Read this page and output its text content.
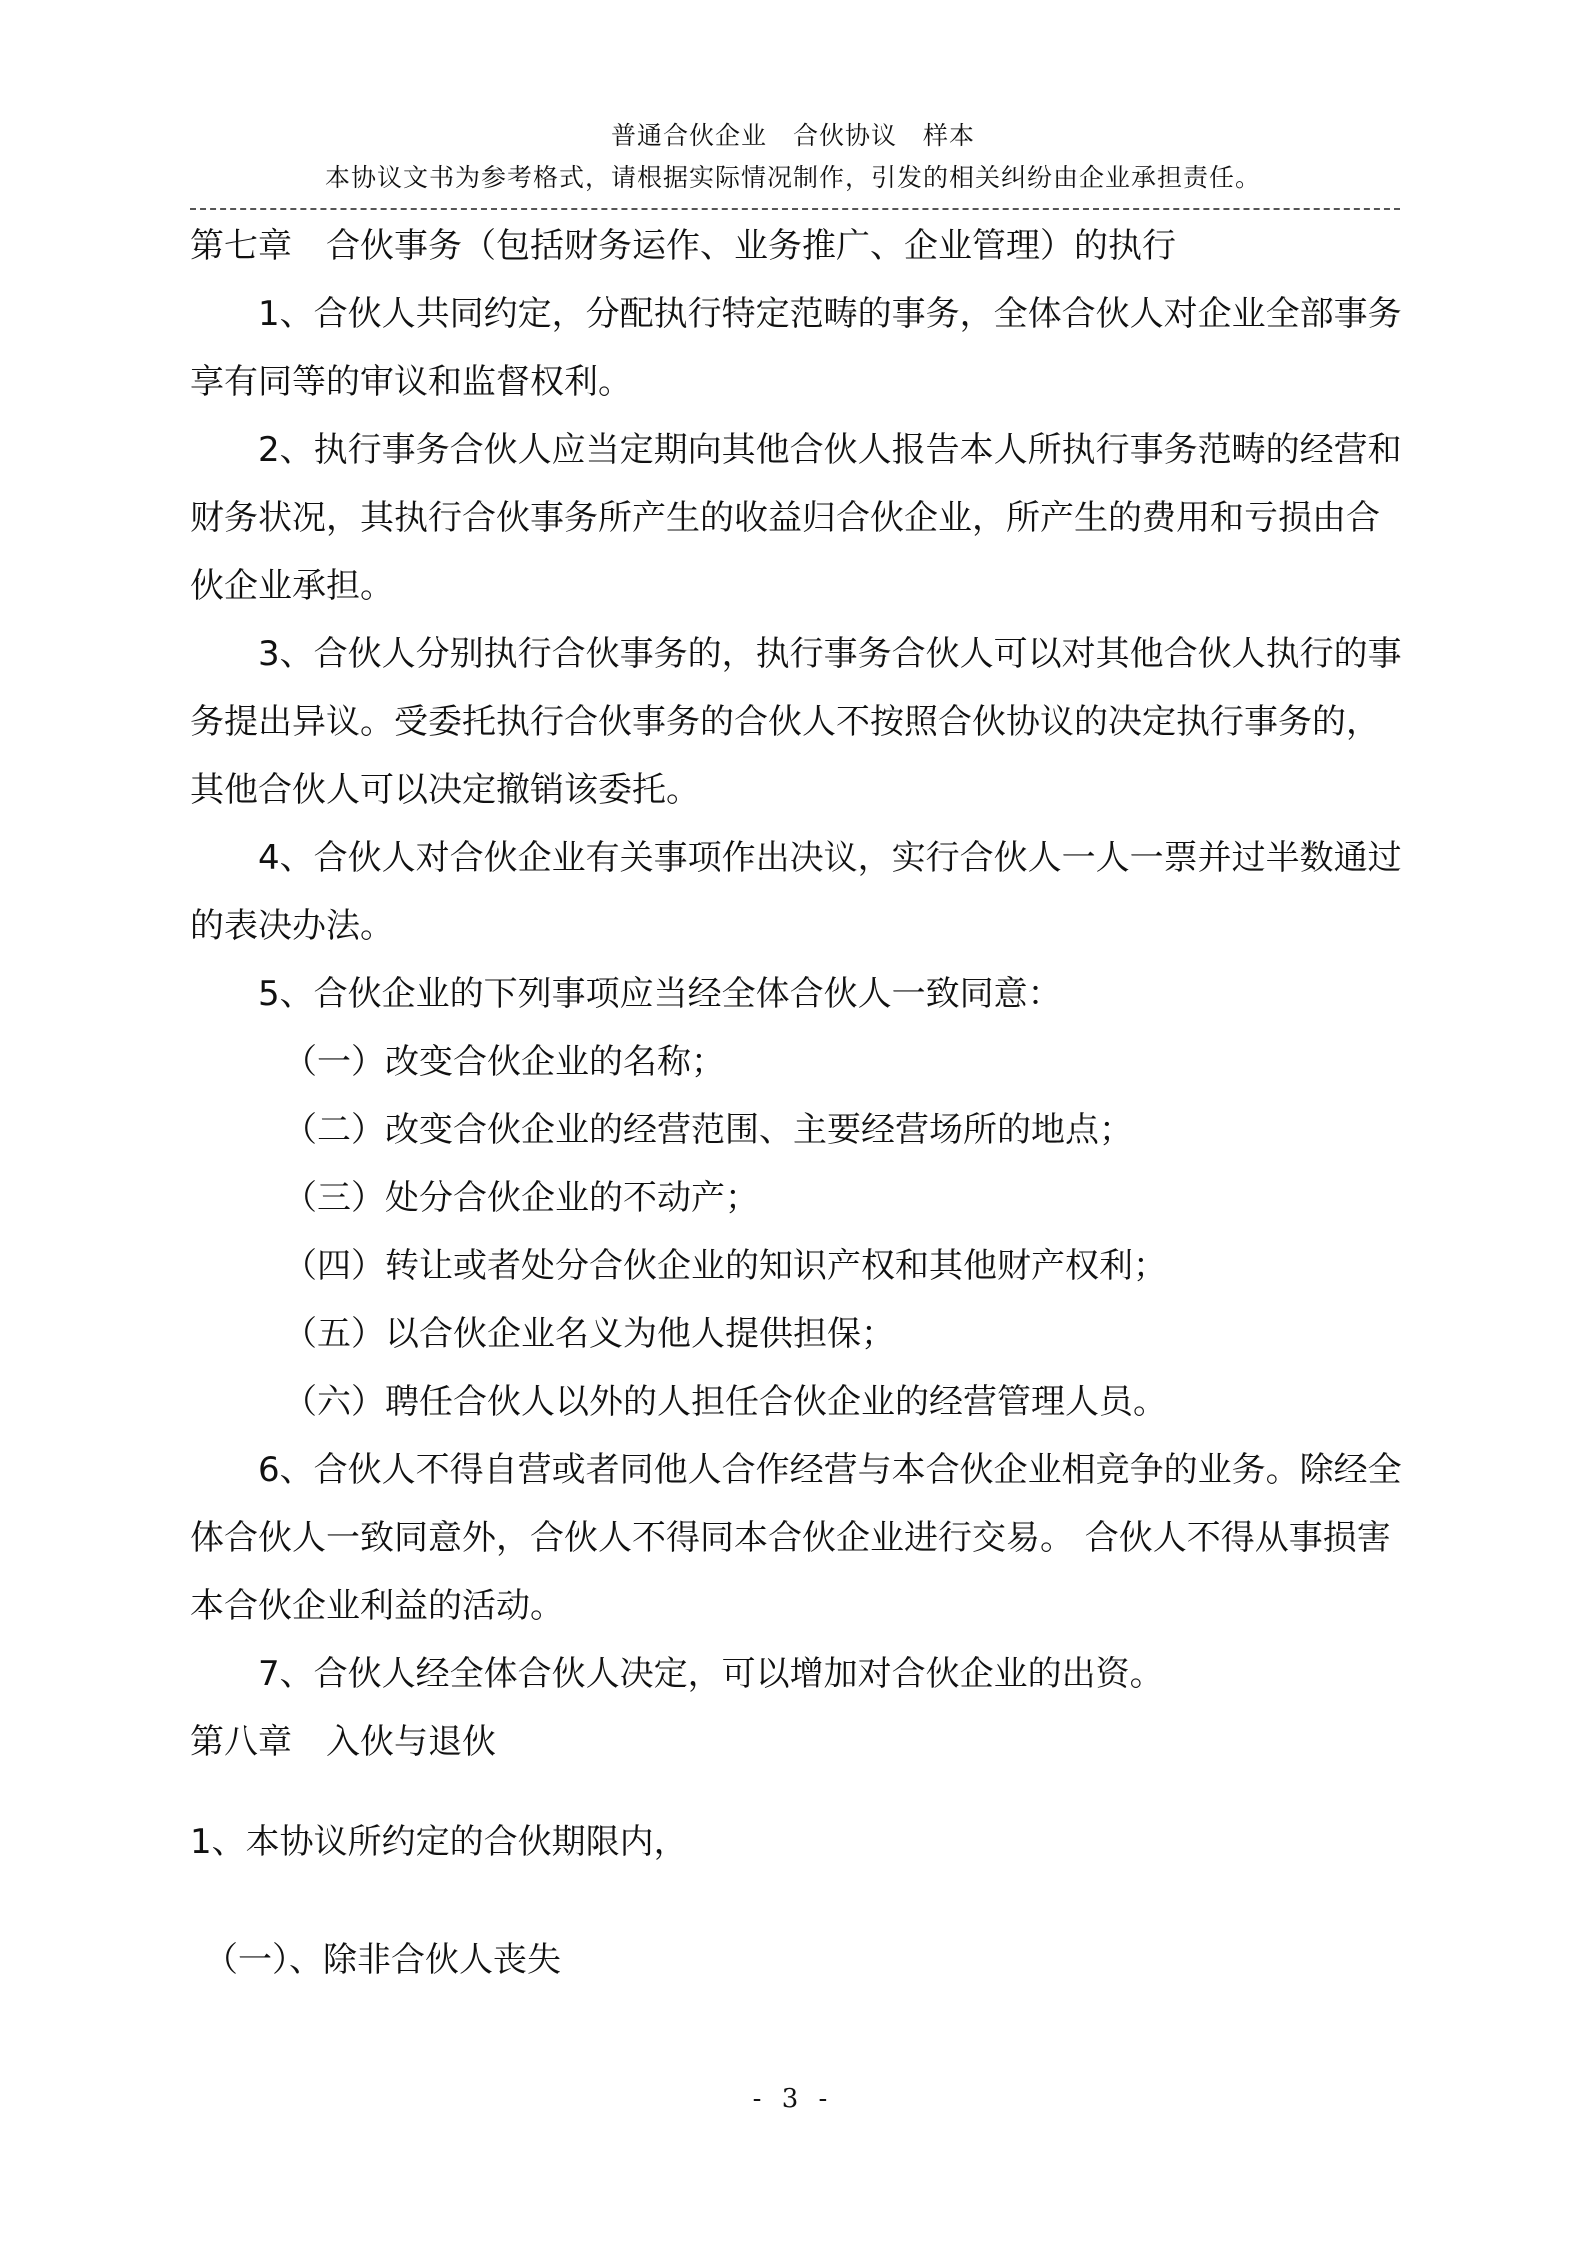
普通合伙企业　合伙协议　样本
本协议文书为参考格式，请根据实际情况制作，引发的相关纠纷由企业承担责任。

第七章　合伙事务（包括财务运作、业务推广、企业管理）的执行

1、合伙人共同约定，分配执行特定范畴的事务，全体合伙人对企业全部事务享有同等的审议和监督权利。

2、执行事务合伙人应当定期向其他合伙人报告本人所执行事务范畴的经营和财务状况，其执行合伙事务所产生的收益归合伙企业，所产生的费用和亏损由合伙企业承担。

3、合伙人分别执行合伙事务的，执行事务合伙人可以对其他合伙人执行的事务提出异议。受委托执行合伙事务的合伙人不按照合伙协议的决定执行事务的，其他合伙人可以决定撤销该委托。

4、合伙人对合伙企业有关事项作出决议，实行合伙人一人一票并过半数通过的表决办法。

5、合伙企业的下列事项应当经全体合伙人一致同意：

（一）改变合伙企业的名称；

（二）改变合伙企业的经营范围、主要经营场所的地点；

（三）处分合伙企业的不动产；

（四）转让或者处分合伙企业的知识产权和其他财产权利；

（五）以合伙企业名义为他人提供担保；

（六）聘任合伙人以外的人担任合伙企业的经营管理人员。

6、合伙人不得自营或者同他人合作经营与本合伙企业相竞争的业务。除经全体合伙人一致同意外，合伙人不得同本合伙企业进行交易。 合伙人不得从事损害本合伙企业利益的活动。

7、合伙人经全体合伙人决定，可以增加对合伙企业的出资。

第八章　入伙与退伙

1、本协议所约定的合伙期限内，

（一）、除非合伙人丧失

- 3 -
